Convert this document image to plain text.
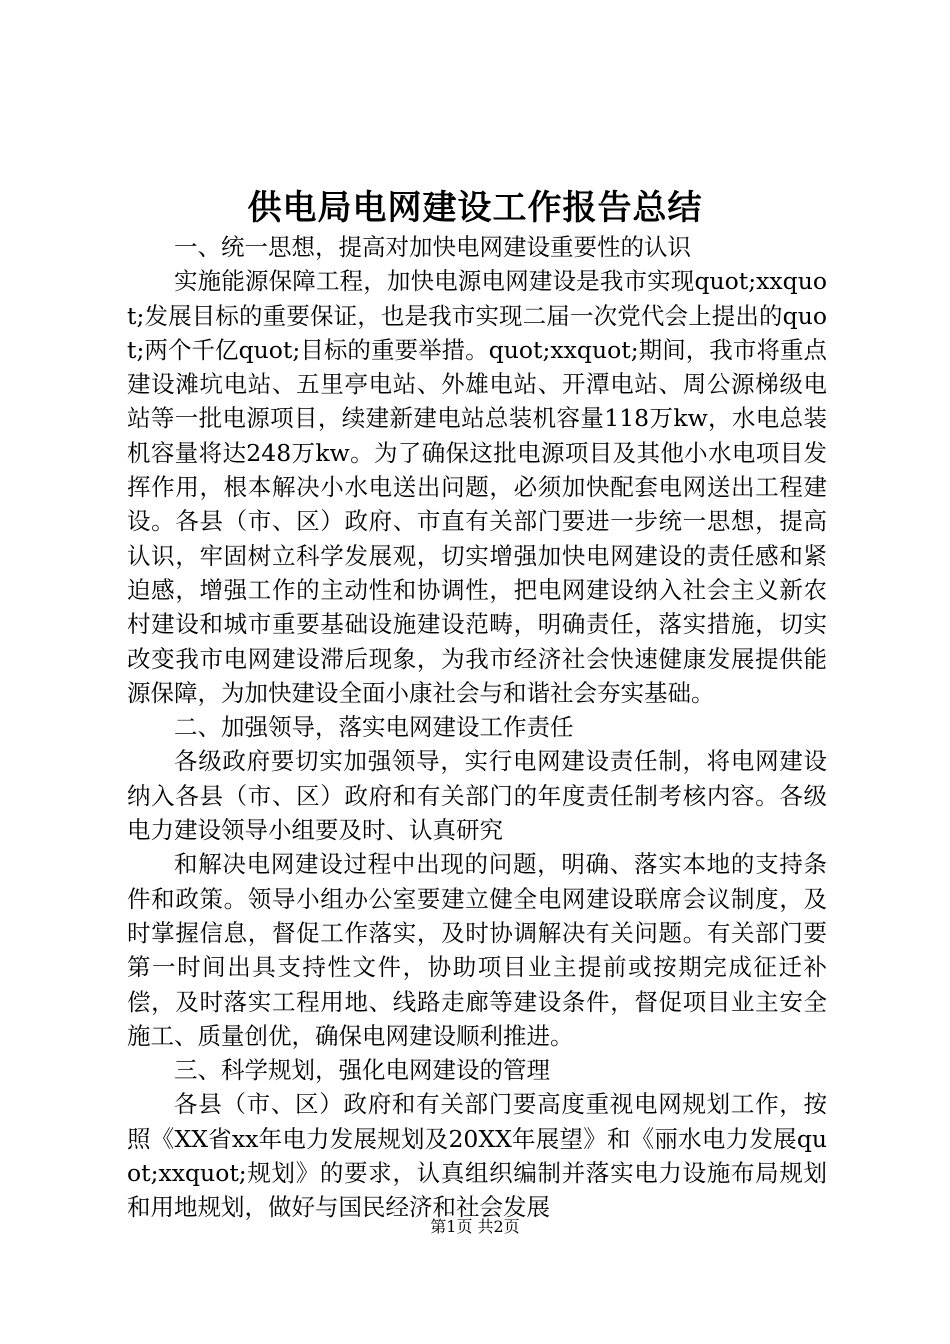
供电局电网建设工作报告总结

一、统一思想，提高对加快电网建设重要性的认识

实施能源保障工程，加快电源电网建设是我市实现quot;xxquot;发展目标的重要保证，也是我市实现二届一次党代会上提出的quot;两个千亿quot;目标的重要举措。quot;xxquot;期间，我市将重点建设滩坑电站、五里亭电站、外雄电站、开潭电站、周公源梯级电站等一批电源项目，续建新建电站总装机容量118万kw，水电总装机容量将达248万kw。为了确保这批电源项目及其他小水电项目发挥作用，根本解决小水电送出问题，必须加快配套电网送出工程建设。各县（市、区）政府、市直有关部门要进一步统一思想，提高认识，牢固树立科学发展观，切实增强加快电网建设的责任感和紧迫感，增强工作的主动性和协调性，把电网建设纳入社会主义新农村建设和城市重要基础设施建设范畴，明确责任，落实措施，切实改变我市电网建设滞后现象，为我市经济社会快速健康发展提供能源保障，为加快建设全面小康社会与和谐社会夯实基础。

二、加强领导，落实电网建设工作责任

各级政府要切实加强领导，实行电网建设责任制，将电网建设纳入各县（市、区）政府和有关部门的年度责任制考核内容。各级电力建设领导小组要及时、认真研究

和解决电网建设过程中出现的问题，明确、落实本地的支持条件和政策。领导小组办公室要建立健全电网建设联席会议制度，及时掌握信息，督促工作落实，及时协调解决有关问题。有关部门要第一时间出具支持性文件，协助项目业主提前或按期完成征迁补偿，及时落实工程用地、线路走廊等建设条件，督促项目业主安全施工、质量创优，确保电网建设顺利推进。

三、科学规划，强化电网建设的管理

各县（市、区）政府和有关部门要高度重视电网规划工作，按照《XX省xx年电力发展规划及20XX年展望》和《丽水电力发展quot;xxquot;规划》的要求，认真组织编制并落实电力设施布局规划和用地规划，做好与国民经济和社会发展

第1页 共2页
